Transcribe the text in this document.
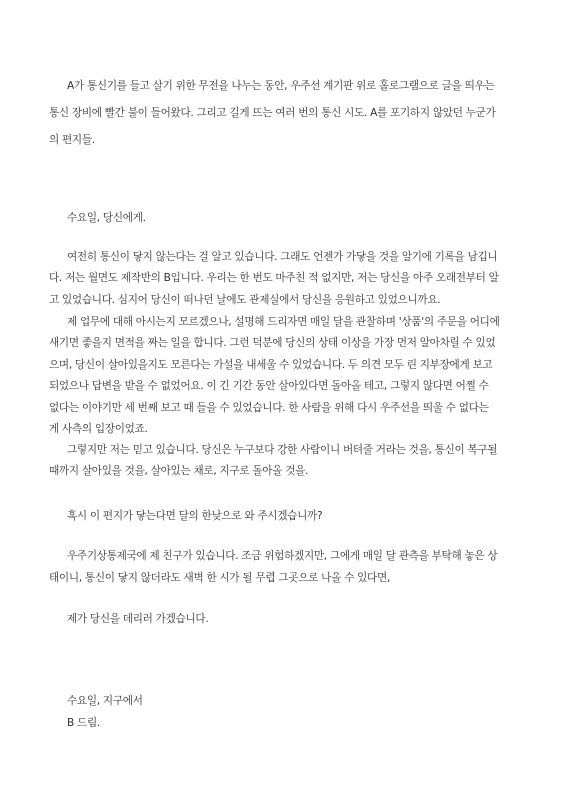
A가 통신기를 들고 살기 위한 무전을 나누는 동안, 우주선 계기판 위로 홀로그램으로 글을 띄우는
통신 장비에 빨간 불이 들어왔다. 그리고 길게 뜨는 여러 번의 통신 시도. A를 포기하지 않았던 누군가
의 편지들.
수요일, 당신에게.
여전히 통신이 닿지 않는다는 걸 알고 있습니다. 그래도 언젠가 가닿을 것을 알기에 기록을 남깁니
다. 저는 월면도 제작반의 B입니다. 우리는 한 번도 마주친 적 없지만, 저는 당신을 아주 오래전부터 알
고 있었습니다. 심지어 당신이 떠나던 날에도 관제실에서 당신을 응원하고 있었으니까요.
제 업무에 대해 아시는지 모르겠으나, 설명해 드리자면 매일 달을 관찰하며 '상품'의 주문을 어디에
새기면 좋을지 면적을 짜는 일을 합니다. 그런 덕분에 당신의 상태 이상을 가장 먼저 알아차릴 수 있었
으며, 당신이 살아있을지도 모른다는 가설을 내세울 수 있었습니다. 두 의견 모두 린 지부장에게 보고
되었으나 답변을 받을 수 없었어요. 이 긴 기간 동안 살아있다면 돌아올 테고, 그렇지 않다면 어쩔 수
없다는 이야기만 세 번째 보고 때 들을 수 있었습니다. 한 사람을 위해 다시 우주선을 띄울 수 없다는
게 사측의 입장이었죠.
그렇지만 저는 믿고 있습니다. 당신은 누구보다 강한 사람이니 버텨줄 거라는 것을, 통신이 복구될
때까지 살아있을 것을, 살아있는 채로, 지구로 돌아올 것을.
혹시 이 편지가 닿는다면 달의 한낮으로 와 주시겠습니까?
우주기상통제국에 제 친구가 있습니다. 조금 위험하겠지만, 그에게 매일 달 관측을 부탁해 놓은 상
태이니, 통신이 닿지 않더라도 새벽 한 시가 될 무렵 그곳으로 나올 수 있다면,
제가 당신을 데리러 가겠습니다.
수요일, 지구에서
B 드림.
